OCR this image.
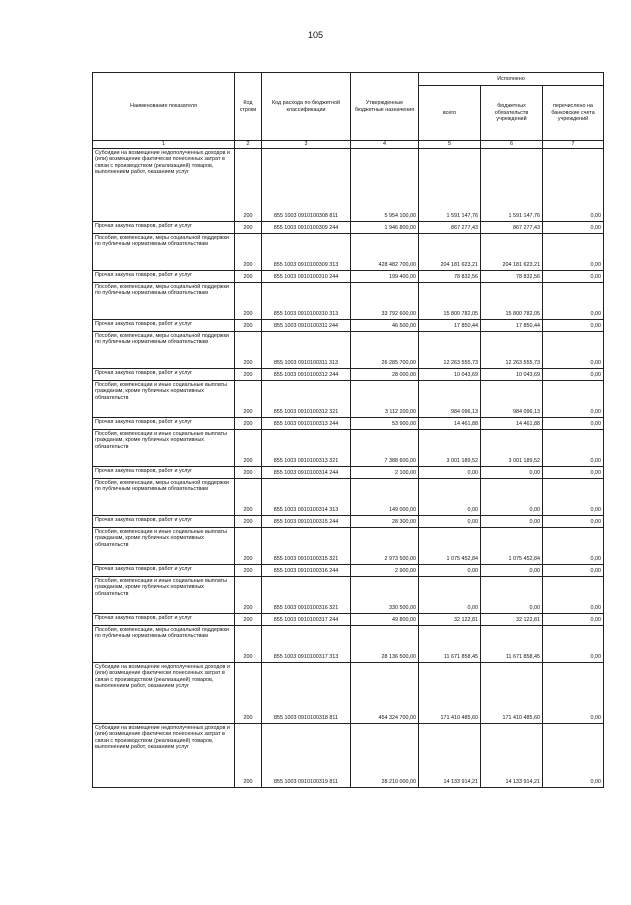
105
Наименование показателя	Код строки	Код расхода по бюджетной классификации	Утвержденные бюджетные назначения	Исполнено		
				всего	бюджетных обязательств учреждений	перечислено на банковские счета учреждений
1	2	3	4	5	6	7
Субсидии на возмещение недополученных доходов и (или) возмещение фактически понесенных затрат в связи с производством (реализацией) товаров, выполнением работ, оказанием услуг	200	855 1003 0910100308 811	5 954 100,00	1 591 147,76	1 591 147,76	0,00
Прочая закупка товаров, работ и услуг	200	855 1003 0910100309 244	1 946 800,00	867 277,43	867 277,43	0,00
Пособия, компенсации, меры социальной поддержки по публичным нормативным обязательствам	200	855 1003 0910100309 313	428 482 700,00	204 181 623,21	204 181 623,21	0,00
Прочая закупка товаров, работ и услуг	200	855 1003 0910100310 244	199 400,00	78 832,56	78 832,56	0,00
Пособия, компенсации, меры социальной поддержки по публичным нормативным обязательствам	200	855 1003 0910100310 313	33 792 600,00	15 800 782,05	15 800 782,05	0,00
Прочая закупка товаров, работ и услуг	200	855 1003 0910100311 244	46 500,00	17 850,44	17 850,44	0,00
Пособия, компенсации, меры социальной поддержки по публичным нормативным обязательствам	200	855 1003 0910100311 313	26 285 700,00	12 263 555,73	12 263 555,73	0,00
Прочая закупка товаров, работ и услуг	200	855 1003 0910100312 244	28 000,00	10 043,69	10 043,69	0,00
Пособия, компенсации и иные социальные выплаты гражданам, кроме публичных нормативных обязательств	200	855 1003 0910100312 321	3 112 200,00	984 096,13	984 096,13	0,00
Прочая закупка товаров, работ и услуг	200	855 1003 0910100313 244	53 900,00	14 461,88	14 461,88	0,00
Пособия, компенсации и иные социальные выплаты гражданам, кроме публичных нормативных обязательств	200	855 1003 0910100313 321	7 388 600,00	3 001 189,52	3 001 189,52	0,00
Прочая закупка товаров, работ и услуг	200	855 1003 0910100314 244	2 100,00	0,00	0,00	0,00
Пособия, компенсации, меры социальной поддержки по публичным нормативным обязательствам	200	855 1003 0910100314 313	149 000,00	0,00	0,00	0,00
Прочая закупка товаров, работ и услуг	200	855 1003 0910100315 244	28 300,00	0,00	0,00	0,00
Пособия, компенсации и иные социальные выплаты гражданам, кроме публичных нормативных обязательств	200	855 1003 0910100315 321	2 973 500,00	1 075 452,84	1 075 452,84	0,00
Прочая закупка товаров, работ и услуг	200	855 1003 0910100316 244	2 900,00	0,00	0,00	0,00
Пособия, компенсации и иные социальные выплаты гражданам, кроме публичных нормативных обязательств	200	855 1003 0910100316 321	330 500,00	0,00	0,00	0,00
Прочая закупка товаров, работ и услуг	200	855 1003 0910100317 244	49 800,00	32 122,81	32 122,81	0,00
Пособия, компенсации, меры социальной поддержки по публичным нормативным обязательствам	200	855 1003 0910100317 313	28 136 500,00	11 671 858,45	11 671 858,45	0,00
Субсидии на возмещение недополученных доходов и (или) возмещение фактически понесенных затрат в связи с производством (реализацией) товаров, выполнением работ, оказанием услуг	200	855 1003 0910100318 811	454 324 700,00	171 410 485,60	171 410 485,60	0,00
Субсидии на возмещение недополученных доходов и (или) возмещение фактически понесенных затрат в связи с производством (реализацией) товаров, выполнением работ, оказанием услуг	200	855 1003 0910100319 811	28 210 000,00	14 133 914,21	14 133 914,21	0,00
